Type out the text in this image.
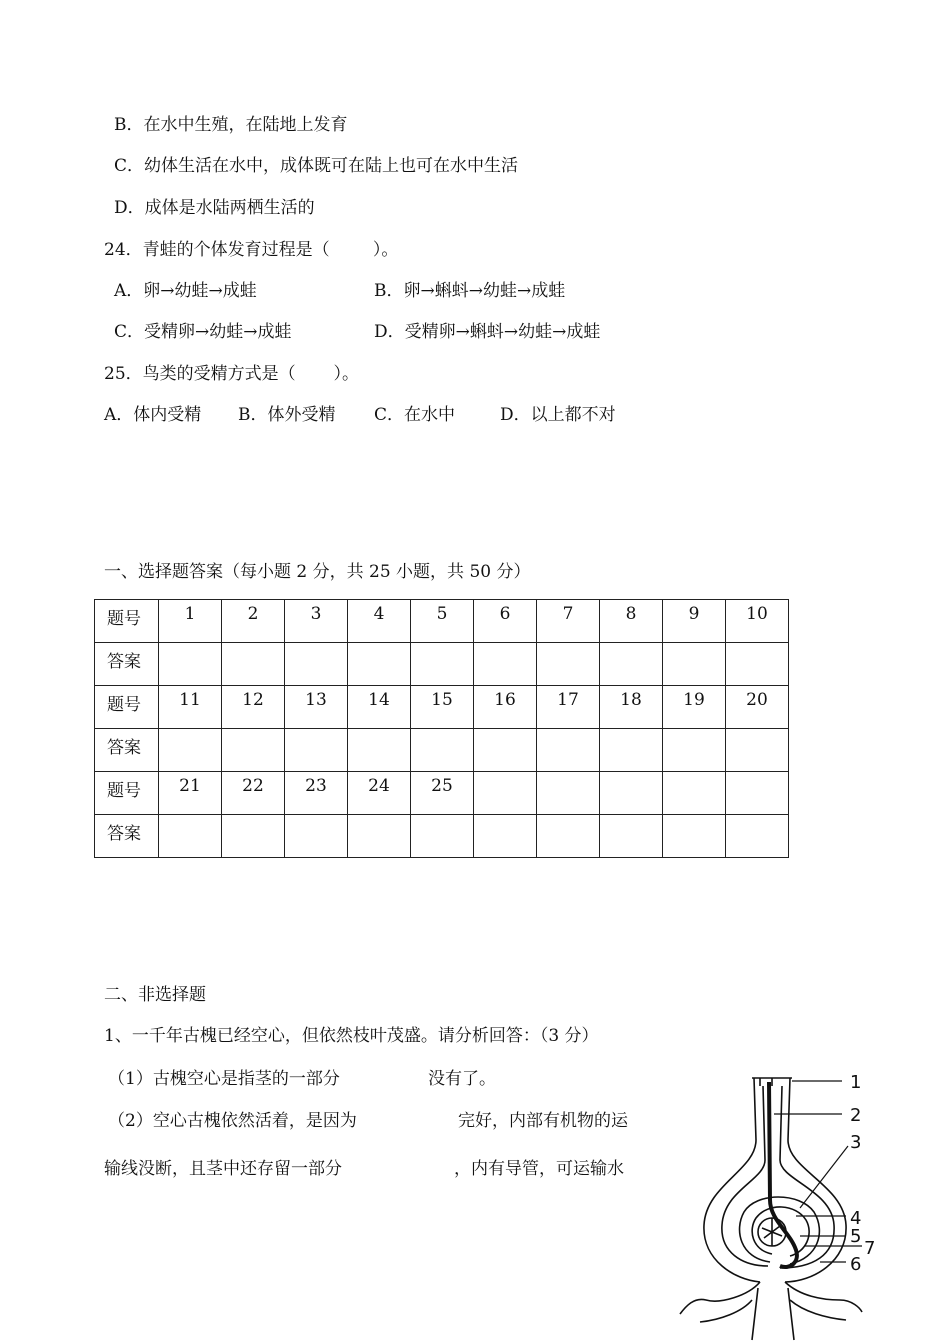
B．在水中生殖，在陆地上发育
C．幼体生活在水中，成体既可在陆上也可在水中生活
D．成体是水陆两栖生活的
24．青蛙的个体发育过程是（        ）。
A．卵→幼蛙→成蛙	B．卵→蝌蚪→幼蛙→成蛙
C．受精卵→幼蛙→成蛙	D．受精卵→蝌蚪→幼蛙→成蛙
25．鸟类的受精方式是（       ）。
A．体内受精 B．体外受精 C．在水中	D．以上都不对
一、选择题答案（每小题 2 分，共 25 小题，共 50 分）
题号	1	2	3	4	5	6	7	8	9	10
答案										
题号	11	12	13	14	15	16	17	18	19	20
答案										
题号	21	22	23	24	25					
答案										
二、非选择题
1、一千年古槐已经空心，但依然枝叶茂盛。请分析回答：（3 分）
（1）古槐空心是指茎的一部分	没有了。
（2）空心古槐依然活着，是因为	完好，内部有机物的运
输线没断，且茎中还存留一部分	，内有导管，可运输水
1
2
3
4
5
7
6
